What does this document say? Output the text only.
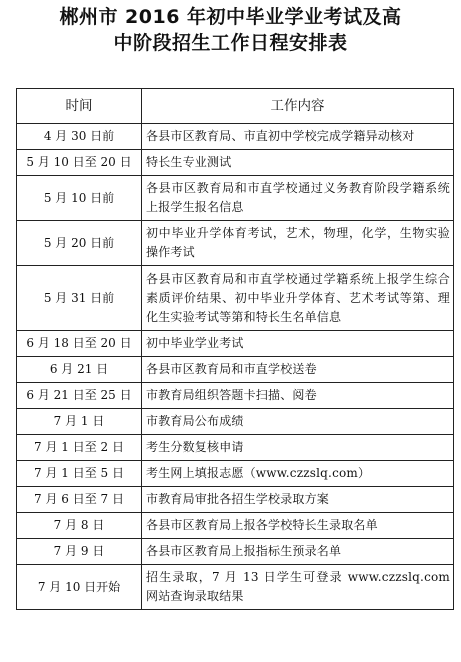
郴州市 2016 年初中毕业学业考试及高
中阶段招生工作日程安排表
时间	工作内容
4 月 30 日前	各县市区教育局、市直初中学校完成学籍异动核对
5 月 10 日至 20 日	特长生专业测试
5 月 10 日前	各县市区教育局和市直学校通过义务教育阶段学籍系统上报学生报名信息
5 月 20 日前	初中毕业升学体育考试，艺术，物理，化学，生物实验操作考试
5 月 31 日前	各县市区教育局和市直学校通过学籍系统上报学生综合素质评价结果、初中毕业升学体育、艺术考试等第、理化生实验考试等第和特长生名单信息
6 月 18 日至 20 日	初中毕业学业考试
6 月 21 日	各县市区教育局和市直学校送卷
6 月 21 日至 25 日	市教育局组织答题卡扫描、阅卷
7 月 1 日	市教育局公布成绩
7 月 1 日至 2 日	考生分数复核申请
7 月 1 日至 5 日	考生网上填报志愿（www.czzslq.com）
7 月 6 日至 7 日	市教育局审批各招生学校录取方案
7 月 8 日	各县市区教育局上报各学校特长生录取名单
7 月 9 日	各县市区教育局上报指标生预录名单
7 月 10 日开始	招生录取，7 月 13 日学生可登录 www.czzslq.com 网站查询录取结果
